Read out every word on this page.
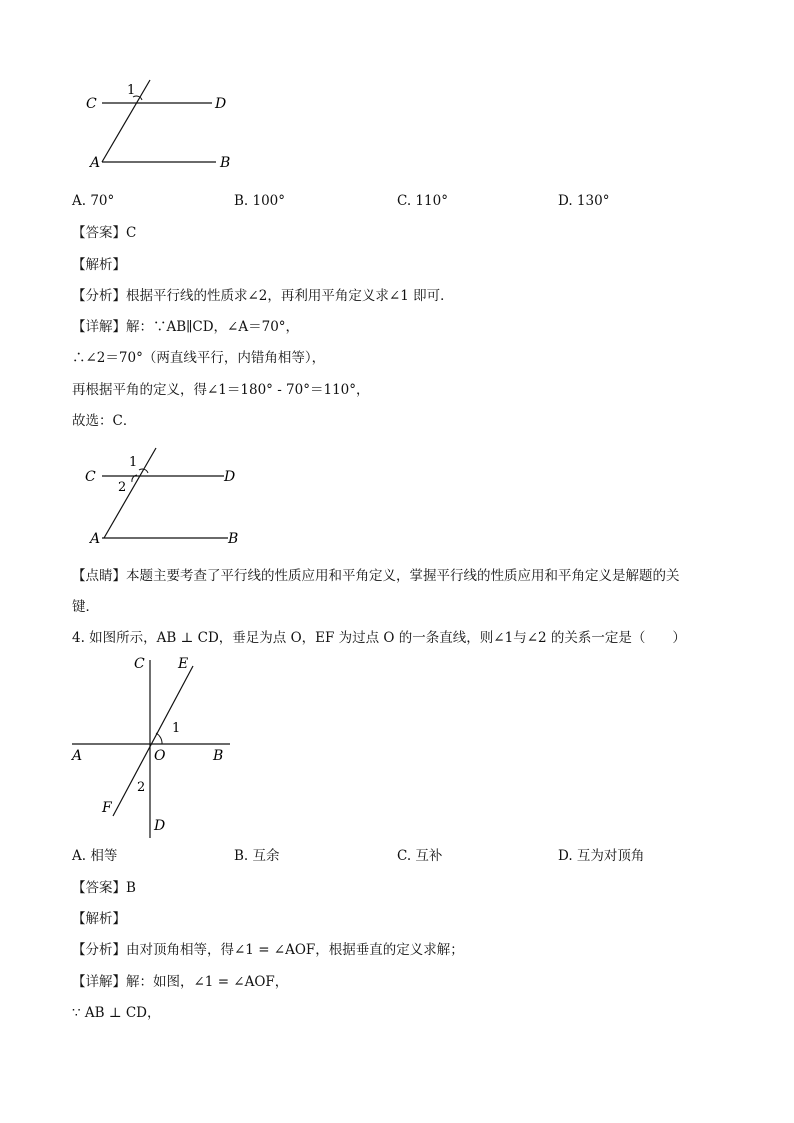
C	D
A	B
1
A. 70°	B. 100°	C. 110°	D. 130°
【答案】C
【解析】
【分析】根据平行线的性质求∠2，再利用平角定义求∠1 即可．
【详解】解：∵AB∥CD，∠A＝70°，
∴∠2＝70°（两直线平行，内错角相等），
再根据平角的定义，得∠1＝180° - 70°＝110°，
故选：C．
C	D
A	B
1
2
【点睛】本题主要考查了平行线的性质应用和平角定义，掌握平行线的性质应用和平角定义是解题的关
键．
4. 如图所示，AB ⊥ CD，垂足为点 O，EF 为过点 O 的一条直线，则∠1与∠2 的关系一定是（　　）
C E
1
A	O	B
2
F
D
A. 相等	B. 互余	C. 互补	D. 互为对顶角
【答案】B
【解析】
【分析】由对顶角相等，得∠1 = ∠AOF，根据垂直的定义求解；
【详解】解：如图，∠1 = ∠AOF，
∵ AB ⊥ CD，
